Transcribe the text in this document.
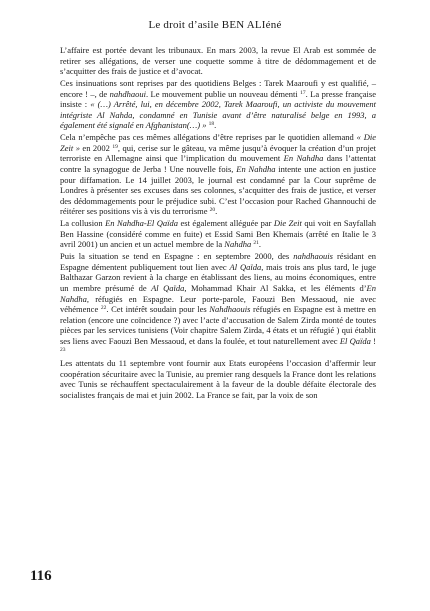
Le droit d’asile BEN ALIéné

L’affaire est portée devant les tribunaux. En mars 2003, la revue El Arab est sommée de retirer ses allégations, de verser une coquette somme à titre de dédommagement et de s’acquitter des frais de justice et d’avocat.

Ces insinuations sont reprises par des quotidiens Belges : Tarek Maaroufi y est qualifié, – encore ! –, de nahdhaoui. Le mouvement publie un nouveau démenti $^{17}$. La presse française insiste : « (…) Arrêté, lui, en décembre 2002, Tarek Maaroufi, un activiste du mouvement intégriste Al Nahda, condamné en Tunisie avant d’être naturalisé belge en 1993, a également été signalé en Afghanistan(…) » $^{18}$.

Cela n’empêche pas ces mêmes allégations d’être reprises par le quotidien allemand « Die Zeit » en 2002 $^{19}$, qui, cerise sur le gâteau, va même jusqu’à évoquer la création d’un projet terroriste en Allemagne ainsi que l’implication du mouvement En Nahdha dans l’attentat contre la synagogue de Jerba ! Une nouvelle fois, En Nahdha intente une action en justice pour diffamation. Le 14 juillet 2003, le journal est condamné par la Cour suprême de Londres à présenter ses excuses dans ses colonnes, s’acquitter des frais de justice, et verser des dédommagements pour le préjudice subi. C’est l’occasion pour Rached Ghannouchi de réitérer ses positions vis à vis du terrorisme $^{20}$.

La collusion En Nahdha-El Qaïda est également alléguée par Die Zeit qui voit en Sayfallah Ben Hassine (considéré comme en fuite) et Essid Sami Ben Khemais (arrêté en Italie le 3 avril 2001) un ancien et un actuel membre de la Nahdha $^{21}$.

Puis la situation se tend en Espagne : en septembre 2000, des nahdhaouis résidant en Espagne démentent publiquement tout lien avec Al Qaïda, mais trois ans plus tard, le juge Balthazar Garzon revient à la charge en établissant des liens, au moins économiques, entre un membre présumé de Al Qaïda, Mohammad Khair Al Sakka, et les éléments d’En Nahdha, réfugiés en Espagne. Leur porte-parole, Faouzi Ben Messaoud, nie avec véhémence $^{22}$. Cet intérêt soudain pour les Nahdhaouis réfugiés en Espagne est à mettre en relation (encore une coïncidence ?) avec l’acte d’accusation de Salem Zirda monté de toutes pièces par les services tunisiens (Voir chapitre Salem Zirda, 4 états et un réfugié ) qui établit ses liens avec Faouzi Ben Messaoud, et dans la foulée, et tout naturellement avec El Qaïda ! $^{23}$

Les attentats du 11 septembre vont fournir aux Etats européens l’occasion d’affermir leur coopération sécuritaire avec la Tunisie, au premier rang desquels la France dont les relations avec Tunis se réchauffent spectaculairement à la faveur de la double défaite électorale des socialistes français de mai et juin 2002. La France se fait, par la voix de son

116
